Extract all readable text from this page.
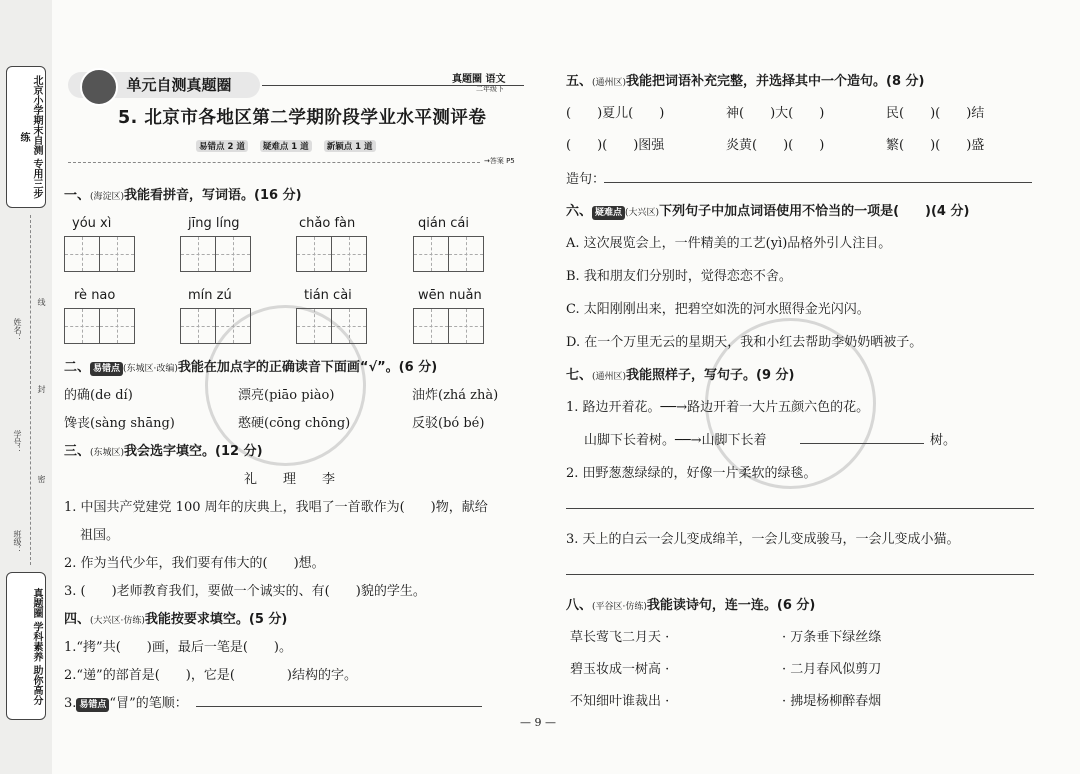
北京小学期末自测 专用三步练
真题圈 学科素养 助你高分
姓名：
学号：
班级：
线
封
密
单元自测真题圈	真题圈 语文
二年级下
5. 北京市各地区第二学期阶段学业水平测评卷
易错点 2 道	疑难点 1 道	新颖点 1 道
→答案 P5
一、(海淀区)我能看拼音，写词语。(16 分)
yóu xì	jīng líng	chǎo fàn	qián cái
rè nao	mín zú	tián cài	wēn nuǎn
二、 易错点 (东城区·改编)我能在加点字的正确读音下面画“√”。(6 分)
的确(de dí)	漂亮(piāo piào)	油炸(zhá zhà)
馋丧(sàng shāng)	憨硬(cōng chōng)	反驳(bó bé)
三、(东城区)我会选字填空。(12 分)
礼　　理　　李
1. 中国共产党建党 100 周年的庆典上，我唱了一首歌作为(　　)物，献给
祖国。
2. 作为当代少年，我们要有伟大的(　　)想。
3. (　　)老师教育我们，要做一个诚实的、有(　　)貌的学生。
四、(大兴区·仿练)我能按要求填空。(5 分)
1.“拷”共(　　)画，最后一笔是(　　)。
2.“递”的部首是(　　)，它是(　　　　)结构的字。
3. 易错点 “冒”的笔顺：
五、(通州区)我能把词语补充完整，并选择其中一个造句。(8 分)
(　　)夏儿(　　)	神(　　)大(　　)	民(　　)(　　)结
(　　)(　　)图强	炎黄(　　)(　　)	繁(　　)(　　)盛
造句：
六、 疑难点 (大兴区)下列句子中加点词语使用不恰当的一项是(　　)(4 分)
A. 这次展览会上，一件精美的工艺(yì)品格外引人注目。
B. 我和朋友们分别时，觉得恋恋不舍。
C. 太阳刚刚出来，把碧空如洗的河水照得金光闪闪。
D. 在一个万里无云的星期天，我和小红去帮助李奶奶晒被子。
七、(通州区)我能照样子，写句子。(9 分)
1. 路边开着花。──→路边开着一大片五颜六色的花。
山脚下长着树。──→山脚下长着	树。
2. 田野葱葱绿绿的，好像一片柔软的绿毯。
3. 天上的白云一会儿变成绵羊，一会儿变成骏马，一会儿变成小猫。
八、(平谷区·仿练)我能读诗句，连一连。(6 分)
草长莺飞二月天 ·
碧玉妆成一树高 ·
不知细叶谁裁出 ·
· 万条垂下绿丝绦
· 二月春风似剪刀
· 拂堤杨柳醉春烟
— 9 —
